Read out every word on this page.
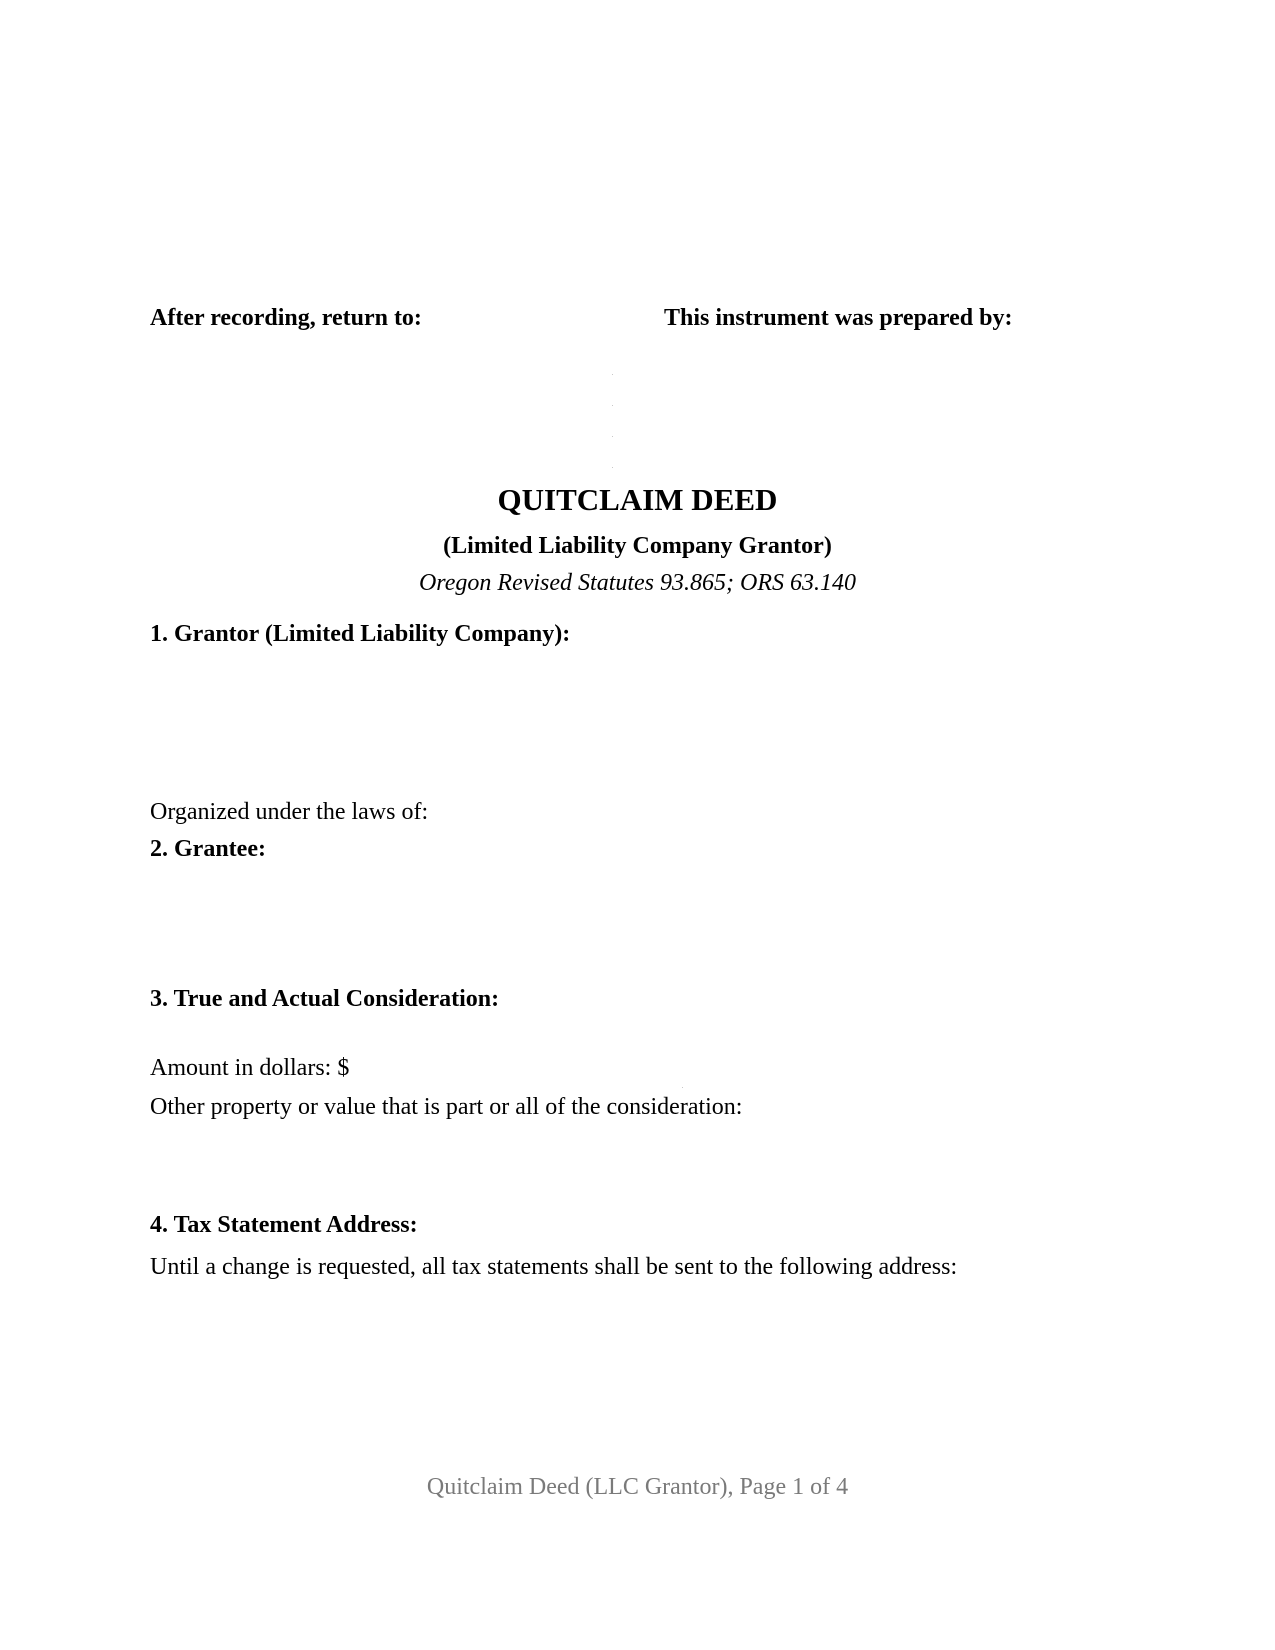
After recording, return to:	This instrument was prepared by:
QUITCLAIM DEED
(Limited Liability Company Grantor)
Oregon Revised Statutes 93.865; ORS 63.140
1. Grantor (Limited Liability Company):
Organized under the laws of:
2. Grantee:
3. True and Actual Consideration:
Amount in dollars: $
Other property or value that is part or all of the consideration:
4. Tax Statement Address:
Until a change is requested, all tax statements shall be sent to the following address:
Quitclaim Deed (LLC Grantor), Page 1 of 4
